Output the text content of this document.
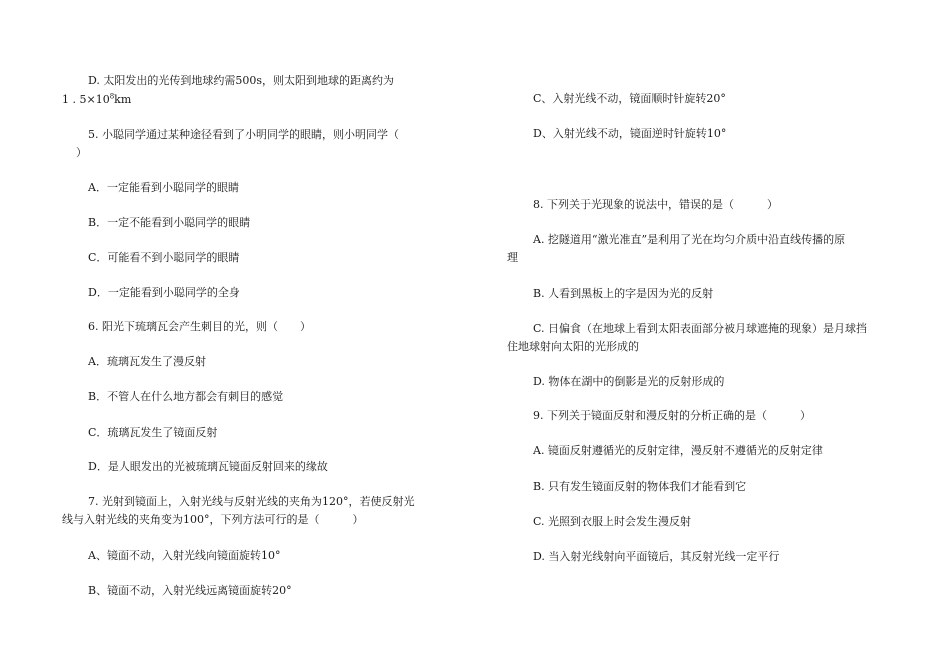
D. 太阳发出的光传到地球约需500s，则太阳到地球的距离约为
1 . $5\times 10^8km$
5. 小聪同学通过某种途径看到了小明同学的眼睛，则小明同学（
）
A．一定能看到小聪同学的眼睛
B．一定不能看到小聪同学的眼睛
C．可能看不到小聪同学的眼睛
D．一定能看到小聪同学的全身
6. 阳光下琉璃瓦会产生刺目的光，则（　　）
A．琉璃瓦发生了漫反射
B．不管人在什么地方都会有刺目的感觉
C．琉璃瓦发生了镜面反射
D．是人眼发出的光被琉璃瓦镜面反射回来的缘故
7. 光射到镜面上，入射光线与反射光线的夹角为120°，若使反射光
线与入射光线的夹角变为100°，下列方法可行的是（　　　）
A、镜面不动，入射光线向镜面旋转10°
B、镜面不动，入射光线远离镜面旋转20°
C、入射光线不动，镜面顺时针旋转20°
D、入射光线不动，镜面逆时针旋转10°
8. 下列关于光现象的说法中，错误的是（　　　）
A. 挖隧道用“激光准直”是利用了光在均匀介质中沿直线传播的原
理
B. 人看到黑板上的字是因为光的反射
C. 日偏食（在地球上看到太阳表面部分被月球遮掩的现象）是月球挡
住地球射向太阳的光形成的
D. 物体在湖中的倒影是光的反射形成的
9. 下列关于镜面反射和漫反射的分析正确的是（　　　）
A. 镜面反射遵循光的反射定律，漫反射不遵循光的反射定律
B. 只有发生镜面反射的物体我们才能看到它
C. 光照到衣服上时会发生漫反射
D. 当入射光线射向平面镜后，其反射光线一定平行
